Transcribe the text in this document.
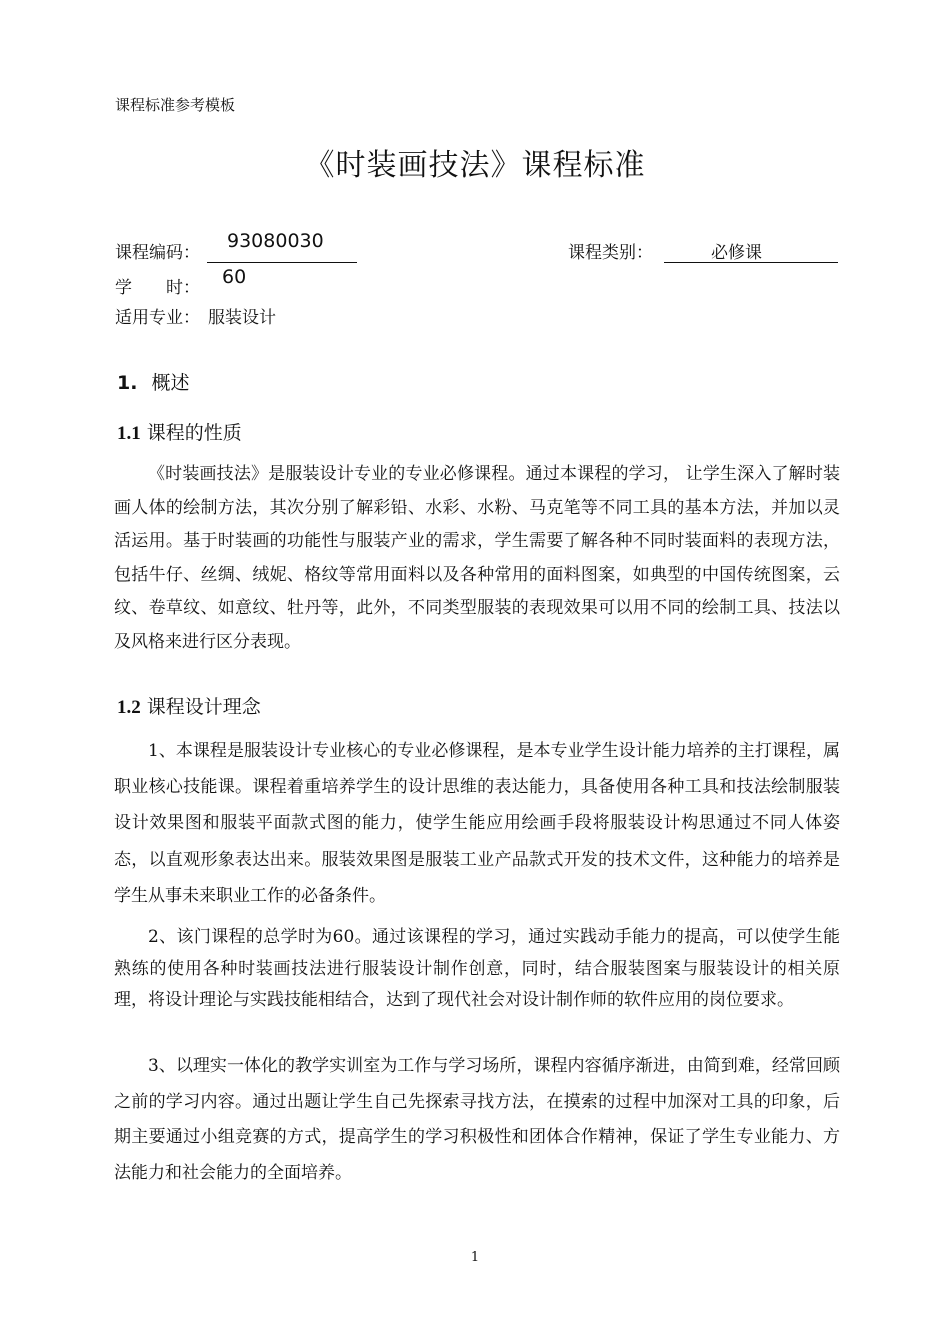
课程标准参考模板
《时装画技法》课程标准
课程编码：
93080030
课程类别：	必修课
学　　时： 60
适用专业： 服装设计
1. 概述
1.1 课程的性质

《时装画技法》是服装设计专业的专业必修课程。通过本课程的学习， 让学生深入了解时装画人体的绘制方法，其次分别了解彩铅、水彩、水粉、马克笔等不同工具的基本方法，并加以灵活运用。基于时装画的功能性与服装产业的需求，学生需要了解各种不同时装面料的表现方法，包括牛仔、丝绸、绒妮、格纹等常用面料以及各种常用的面料图案，如典型的中国传统图案，云纹、卷草纹、如意纹、牡丹等，此外，不同类型服装的表现效果可以用不同的绘制工具、技法以及风格来进行区分表现。

1.2 课程设计理念

1、本课程是服装设计专业核心的专业必修课程，是本专业学生设计能力培养的主打课程，属职业核心技能课。课程着重培养学生的设计思维的表达能力，具备使用各种工具和技法绘制服装设计效果图和服装平面款式图的能力，使学生能应用绘画手段将服装设计构思通过不同人体姿态，以直观形象表达出来。服装效果图是服装工业产品款式开发的技术文件，这种能力的培养是学生从事未来职业工作的必备条件。

2、该门课程的总学时为60。通过该课程的学习，通过实践动手能力的提高，可以使学生能熟练的使用各种时装画技法进行服装设计制作创意，同时，结合服装图案与服装设计的相关原理，将设计理论与实践技能相结合，达到了现代社会对设计制作师的软件应用的岗位要求。

3、以理实一体化的教学实训室为工作与学习场所，课程内容循序渐进，由简到难，经常回顾之前的学习内容。通过出题让学生自己先探索寻找方法，在摸索的过程中加深对工具的印象，后期主要通过小组竞赛的方式，提高学生的学习积极性和团体合作精神，保证了学生专业能力、方法能力和社会能力的全面培养。

1
